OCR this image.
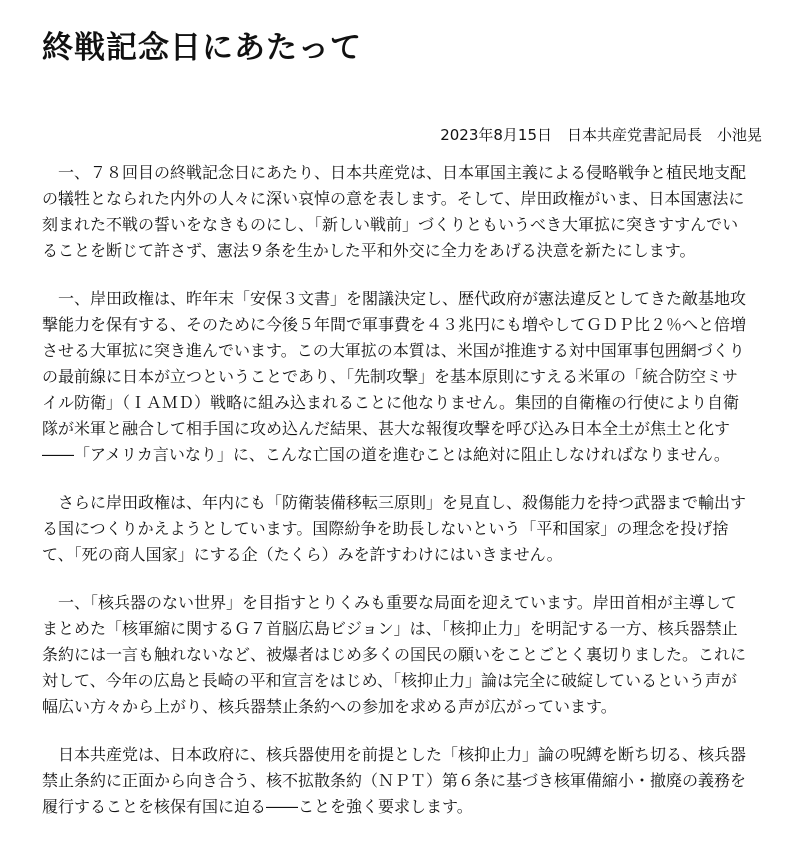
終戦記念日にあたって
2023年8月15日　日本共産党書記局長　小池晃

　一、７８回目の終戦記念日にあたり、日本共産党は、日本軍国主義による侵略戦争と植民地支配
の犠牲となられた内外の人々に深い哀悼の意を表します。そして、岸田政権がいま、日本国憲法に
刻まれた不戦の誓いをなきものにし、「新しい戦前」づくりともいうべき大軍拡に突きすすんでい
ることを断じて許さず、憲法９条を生かした平和外交に全力をあげる決意を新たにします。

　一、岸田政権は、昨年末「安保３文書」を閣議決定し、歴代政府が憲法違反としてきた敵基地攻
撃能力を保有する、そのために今後５年間で軍事費を４３兆円にも増やしてＧＤＰ比２％へと倍増
させる大軍拡に突き進んでいます。この大軍拡の本質は、米国が推進する対中国軍事包囲網づくり
の最前線に日本が立つということであり、「先制攻撃」を基本原則にすえる米軍の「統合防空ミサ
イル防衛」（ＩＡＭＤ）戦略に組み込まれることに他なりません。集団的自衛権の行使により自衛
隊が米軍と融合して相手国に攻め込んだ結果、甚大な報復攻撃を呼び込み日本全土が焦土と化す
――「アメリカ言いなり」に、こんな亡国の道を進むことは絶対に阻止しなければなりません。

　さらに岸田政権は、年内にも「防衛装備移転三原則」を見直し、殺傷能力を持つ武器まで輸出す
る国につくりかえようとしています。国際紛争を助長しないという「平和国家」の理念を投げ捨
て、「死の商人国家」にする企（たくら）みを許すわけにはいきません。

　一、「核兵器のない世界」を目指すとりくみも重要な局面を迎えています。岸田首相が主導して
まとめた「核軍縮に関するＧ７首脳広島ビジョン」は、「核抑止力」を明記する一方、核兵器禁止
条約には一言も触れないなど、被爆者はじめ多くの国民の願いをことごとく裏切りました。これに
対して、今年の広島と長崎の平和宣言をはじめ、「核抑止力」論は完全に破綻しているという声が
幅広い方々から上がり、核兵器禁止条約への参加を求める声が広がっています。

　日本共産党は、日本政府に、核兵器使用を前提とした「核抑止力」論の呪縛を断ち切る、核兵器
禁止条約に正面から向き合う、核不拡散条約（ＮＰＴ）第６条に基づき核軍備縮小・撤廃の義務を
履行することを核保有国に迫る――ことを強く要求します。
